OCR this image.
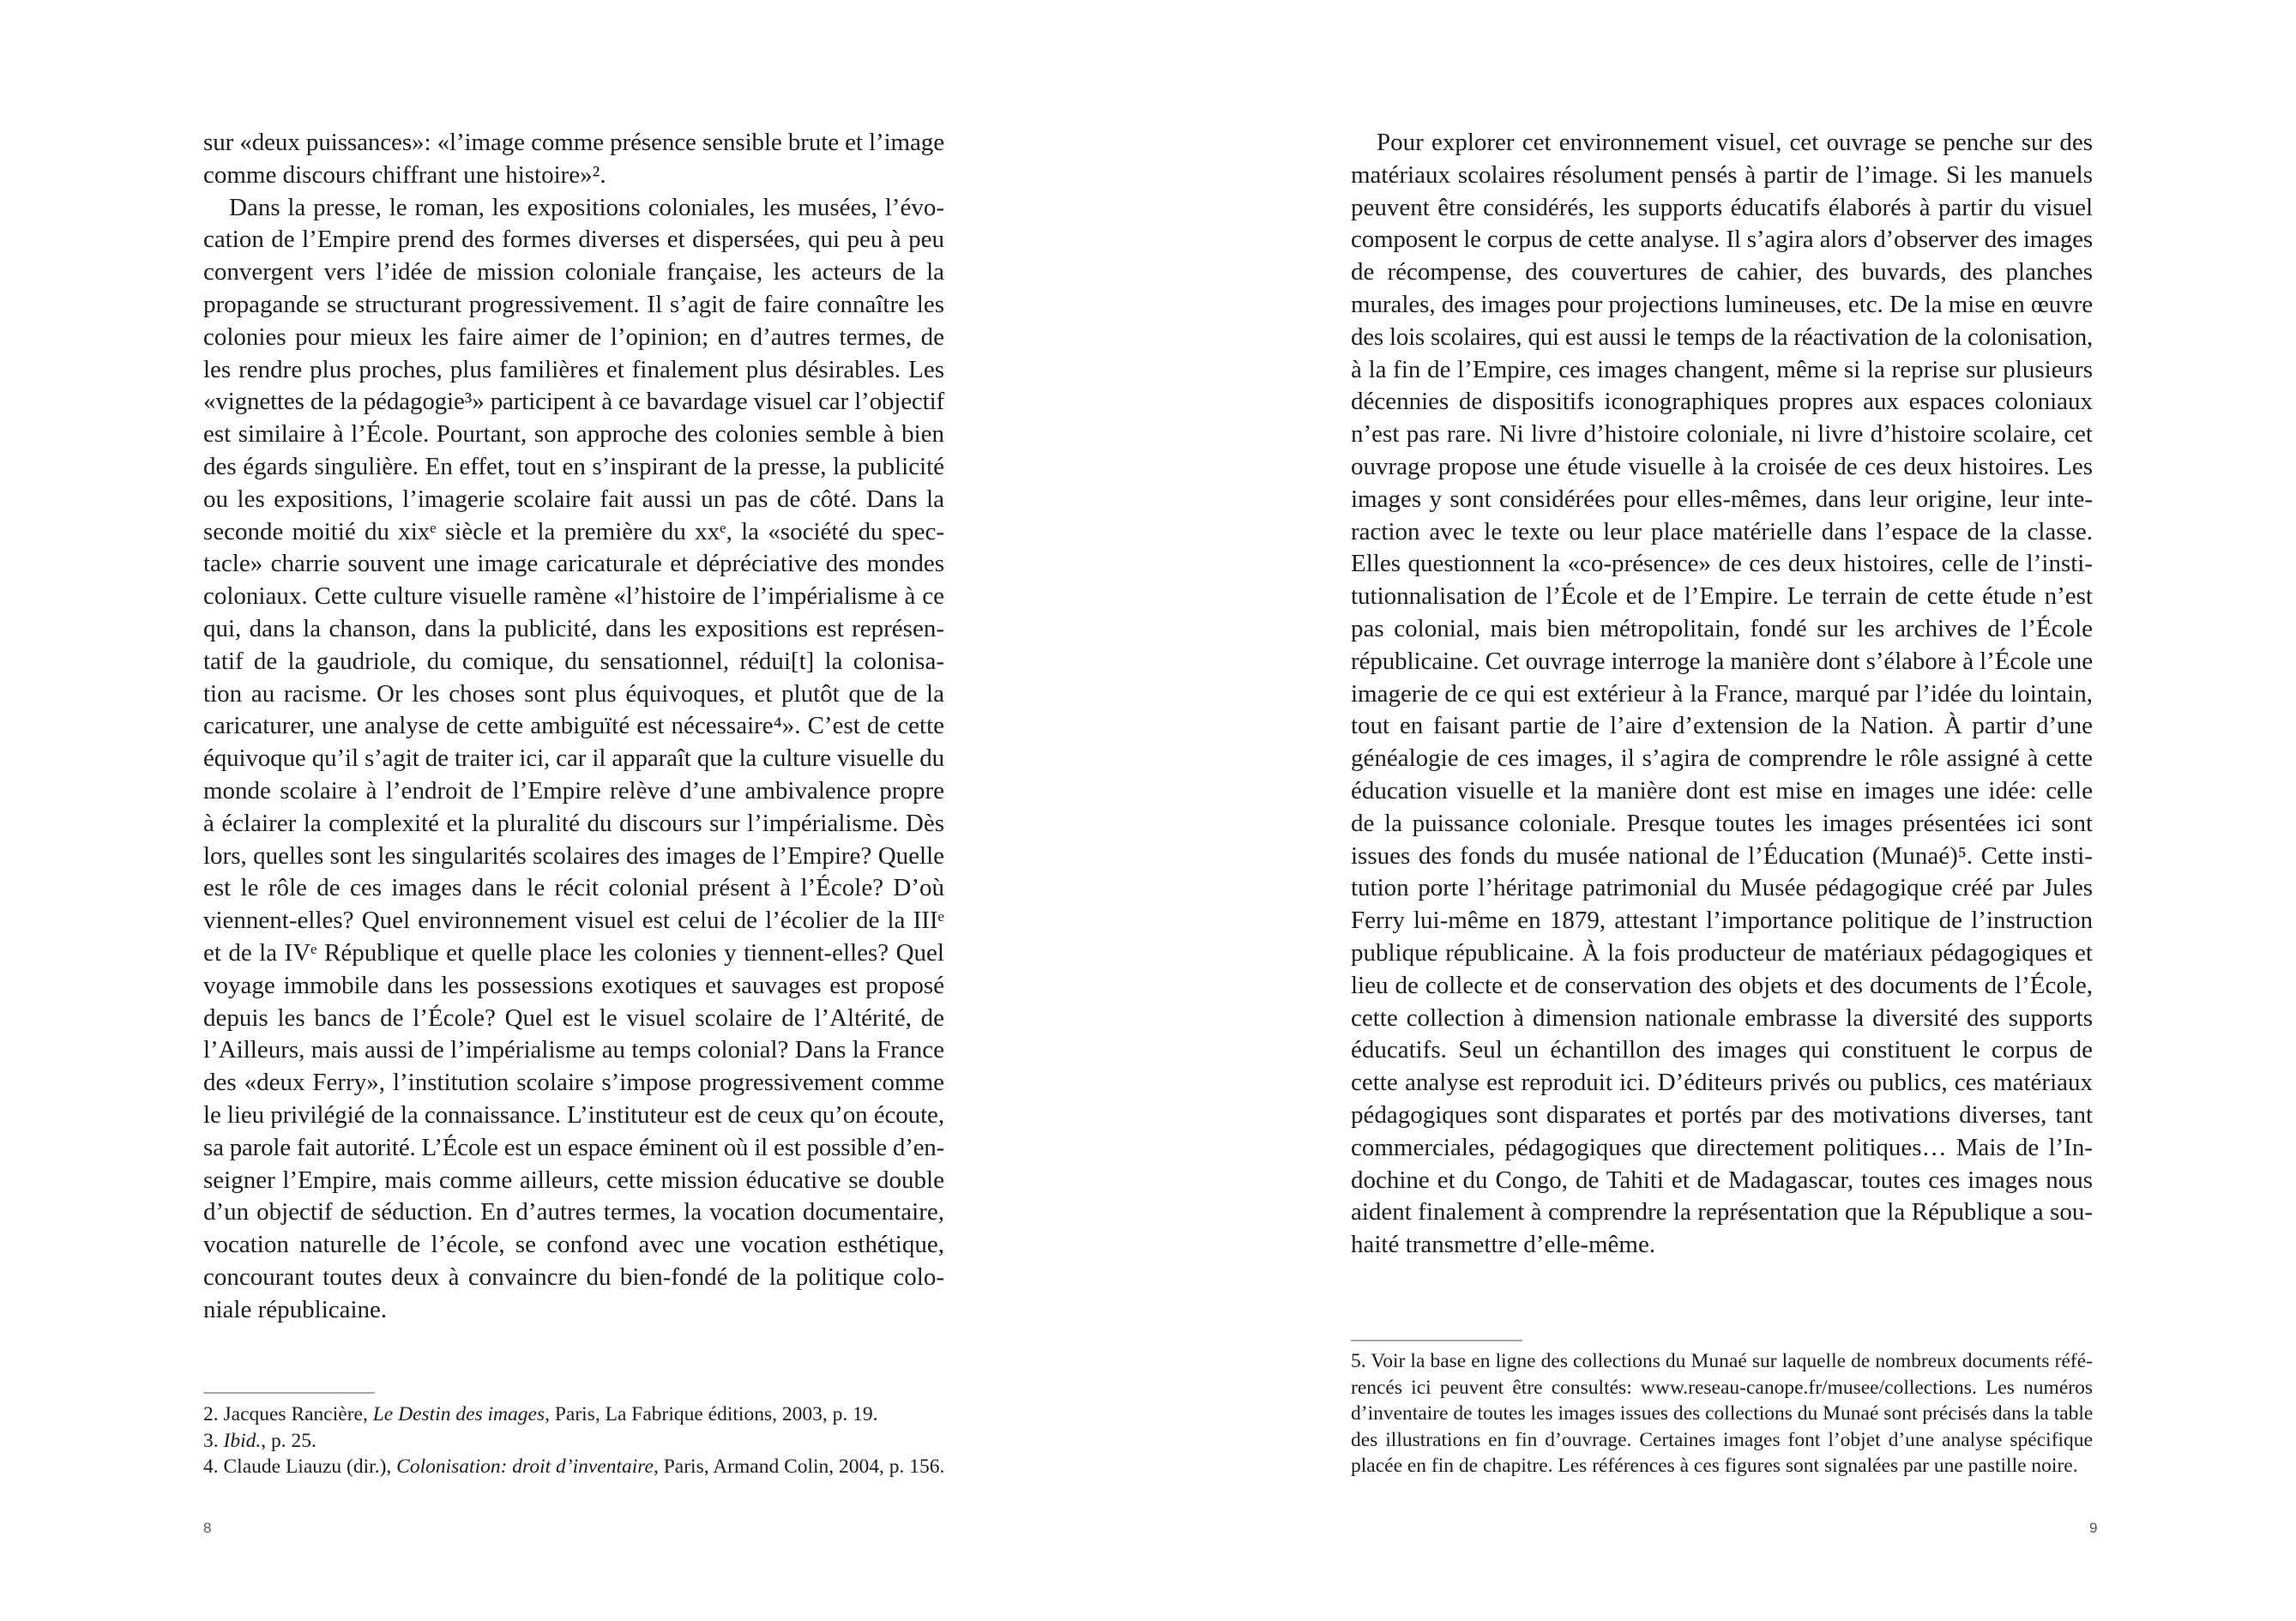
sur «deux puissances»: «l’image comme présence sensible brute et l’image
comme discours chiffrant une histoire»².
Dans la presse, le roman, les expositions coloniales, les musées, l’évo-
cation de l’Empire prend des formes diverses et dispersées, qui peu à peu
convergent vers l’idée de mission coloniale française, les acteurs de la
propagande se structurant progressivement. Il s’agit de faire connaître les
colonies pour mieux les faire aimer de l’opinion; en d’autres termes, de
les rendre plus proches, plus familières et finalement plus désirables. Les
«vignettes de la pédagogie³» participent à ce bavardage visuel car l’objectif
est similaire à l’École. Pourtant, son approche des colonies semble à bien
des égards singulière. En effet, tout en s’inspirant de la presse, la publicité
ou les expositions, l’imagerie scolaire fait aussi un pas de côté. Dans la
seconde moitié du xixᵉ siècle et la première du xxᵉ, la «société du spec-
tacle» charrie souvent une image caricaturale et dépréciative des mondes
coloniaux. Cette culture visuelle ramène «l’histoire de l’impérialisme à ce
qui, dans la chanson, dans la publicité, dans les expositions est représen-
tatif de la gaudriole, du comique, du sensationnel, rédui[t] la colonisa-
tion au racisme. Or les choses sont plus équivoques, et plutôt que de la
caricaturer, une analyse de cette ambiguïté est nécessaire⁴». C’est de cette
équivoque qu’il s’agit de traiter ici, car il apparaît que la culture visuelle du
monde scolaire à l’endroit de l’Empire relève d’une ambivalence propre
à éclairer la complexité et la pluralité du discours sur l’impérialisme. Dès
lors, quelles sont les singularités scolaires des images de l’Empire? Quelle
est le rôle de ces images dans le récit colonial présent à l’École? D’où
viennent-elles? Quel environnement visuel est celui de l’écolier de la IIIᵉ
et de la IVᵉ République et quelle place les colonies y tiennent-elles? Quel
voyage immobile dans les possessions exotiques et sauvages est proposé
depuis les bancs de l’École? Quel est le visuel scolaire de l’Altérité, de
l’Ailleurs, mais aussi de l’impérialisme au temps colonial? Dans la France
des «deux Ferry», l’institution scolaire s’impose progressivement comme
le lieu privilégié de la connaissance. L’instituteur est de ceux qu’on écoute,
sa parole fait autorité. L’École est un espace éminent où il est possible d’en-
seigner l’Empire, mais comme ailleurs, cette mission éducative se double
d’un objectif de séduction. En d’autres termes, la vocation documentaire,
vocation naturelle de l’école, se confond avec une vocation esthétique,
concourant toutes deux à convaincre du bien-fondé de la politique colo-
niale républicaine.
2. Jacques Rancière, Le Destin des images, Paris, La Fabrique éditions, 2003, p. 19.
3. Ibid., p. 25.
4. Claude Liauzu (dir.), Colonisation: droit d’inventaire, Paris, Armand Colin, 2004, p. 156.
8
Pour explorer cet environnement visuel, cet ouvrage se penche sur des
matériaux scolaires résolument pensés à partir de l’image. Si les manuels
peuvent être considérés, les supports éducatifs élaborés à partir du visuel
composent le corpus de cette analyse. Il s’agira alors d’observer des images
de récompense, des couvertures de cahier, des buvards, des planches
murales, des images pour projections lumineuses, etc. De la mise en œuvre
des lois scolaires, qui est aussi le temps de la réactivation de la colonisation,
à la fin de l’Empire, ces images changent, même si la reprise sur plusieurs
décennies de dispositifs iconographiques propres aux espaces coloniaux
n’est pas rare. Ni livre d’histoire coloniale, ni livre d’histoire scolaire, cet
ouvrage propose une étude visuelle à la croisée de ces deux histoires. Les
images y sont considérées pour elles-mêmes, dans leur origine, leur inte-
raction avec le texte ou leur place matérielle dans l’espace de la classe.
Elles questionnent la «co-présence» de ces deux histoires, celle de l’insti-
tutionnalisation de l’École et de l’Empire. Le terrain de cette étude n’est
pas colonial, mais bien métropolitain, fondé sur les archives de l’École
républicaine. Cet ouvrage interroge la manière dont s’élabore à l’École une
imagerie de ce qui est extérieur à la France, marqué par l’idée du lointain,
tout en faisant partie de l’aire d’extension de la Nation. À partir d’une
généalogie de ces images, il s’agira de comprendre le rôle assigné à cette
éducation visuelle et la manière dont est mise en images une idée: celle
de la puissance coloniale. Presque toutes les images présentées ici sont
issues des fonds du musée national de l’Éducation (Munaé)⁵. Cette insti-
tution porte l’héritage patrimonial du Musée pédagogique créé par Jules
Ferry lui-même en 1879, attestant l’importance politique de l’instruction
publique républicaine. À la fois producteur de matériaux pédagogiques et
lieu de collecte et de conservation des objets et des documents de l’École,
cette collection à dimension nationale embrasse la diversité des supports
éducatifs. Seul un échantillon des images qui constituent le corpus de
cette analyse est reproduit ici. D’éditeurs privés ou publics, ces matériaux
pédagogiques sont disparates et portés par des motivations diverses, tant
commerciales, pédagogiques que directement politiques… Mais de l’In-
dochine et du Congo, de Tahiti et de Madagascar, toutes ces images nous
aident finalement à comprendre la représentation que la République a sou-
haité transmettre d’elle-même.
5. Voir la base en ligne des collections du Munaé sur laquelle de nombreux documents réfé-
rencés ici peuvent être consultés: www.reseau-canope.fr/musee/collections. Les numéros
d’inventaire de toutes les images issues des collections du Munaé sont précisés dans la table
des illustrations en fin d’ouvrage. Certaines images font l’objet d’une analyse spécifique
placée en fin de chapitre. Les références à ces figures sont signalées par une pastille noire.
9
